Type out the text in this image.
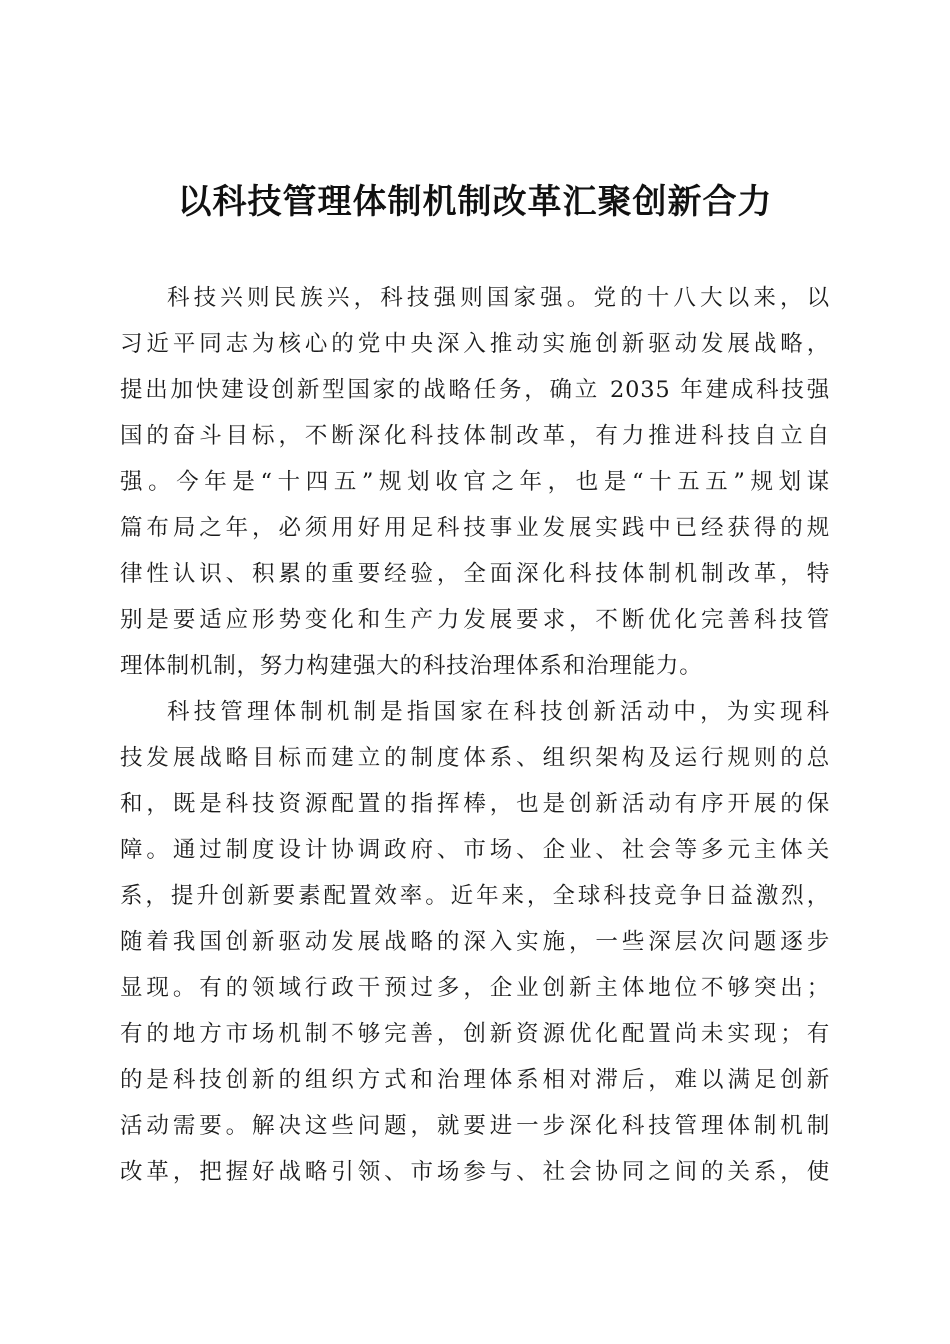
以科技管理体制机制改革汇聚创新合力
科技兴则民族兴，科技强则国家强。党的十八大以来，以
习近平同志为核心的党中央深入推动实施创新驱动发展战略，
提出加快建设创新型国家的战略任务，确立 2035 年建成科技强
国的奋斗目标，不断深化科技体制改革，有力推进科技自立自
强。今年是“十四五”规划收官之年，也是“十五五”规划谋
篇布局之年，必须用好用足科技事业发展实践中已经获得的规
律性认识、积累的重要经验，全面深化科技体制机制改革，特
别是要适应形势变化和生产力发展要求，不断优化完善科技管
理体制机制，努力构建强大的科技治理体系和治理能力。
科技管理体制机制是指国家在科技创新活动中，为实现科
技发展战略目标而建立的制度体系、组织架构及运行规则的总
和，既是科技资源配置的指挥棒，也是创新活动有序开展的保
障。通过制度设计协调政府、市场、企业、社会等多元主体关
系，提升创新要素配置效率。近年来，全球科技竞争日益激烈，
随着我国创新驱动发展战略的深入实施，一些深层次问题逐步
显现。有的领域行政干预过多，企业创新主体地位不够突出；
有的地方市场机制不够完善，创新资源优化配置尚未实现；有
的是科技创新的组织方式和治理体系相对滞后，难以满足创新
活动需要。解决这些问题，就要进一步深化科技管理体制机制
改革，把握好战略引领、市场参与、社会协同之间的关系，使
